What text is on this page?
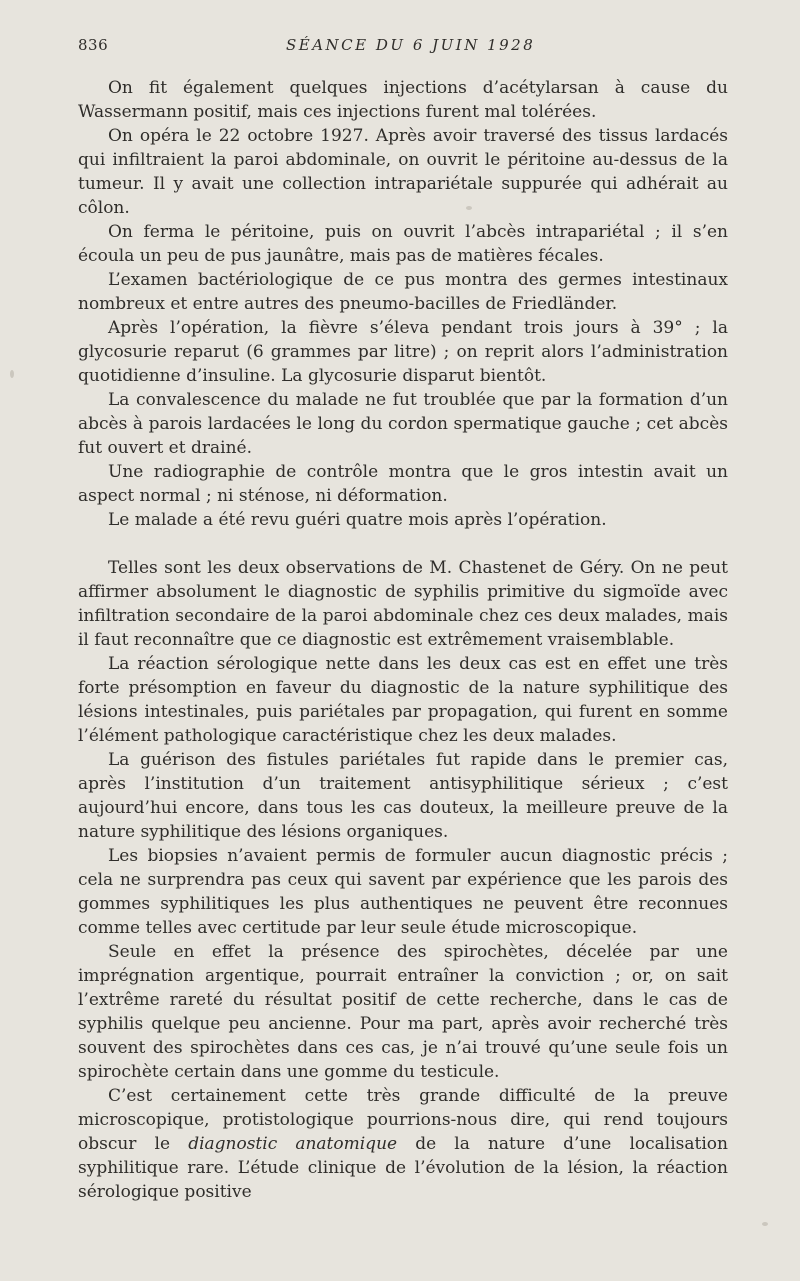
836	SÉANCE DU 6 JUIN 1928

On fit également quelques injections d’acétylarsan à cause du Wassermann positif, mais ces injections furent mal tolérées.

On opéra le 22 octobre 1927. Après avoir traversé des tissus lardacés qui infiltraient la paroi abdominale, on ouvrit le péritoine au-dessus de la tumeur. Il y avait une collection intrapariétale suppurée qui adhérait au côlon.

On ferma le péritoine, puis on ouvrit l’abcès intrapariétal ; il s’en écoula un peu de pus jaunâtre, mais pas de matières fécales.

L’examen bactériologique de ce pus montra des germes intestinaux nombreux et entre autres des pneumo-bacilles de Friedländer.

Après l’opération, la fièvre s’éleva pendant trois jours à 39° ; la glycosurie reparut (6 grammes par litre) ; on reprit alors l’administration quotidienne d’insuline. La glycosurie disparut bientôt.

La convalescence du malade ne fut troublée que par la formation d’un abcès à parois lardacées le long du cordon spermatique gauche ; cet abcès fut ouvert et drainé.

Une radiographie de contrôle montra que le gros intestin avait un aspect normal ; ni sténose, ni déformation.

Le malade a été revu guéri quatre mois après l’opération.

Telles sont les deux observations de M. Chastenet de Géry. On ne peut affirmer absolument le diagnostic de syphilis primitive du sigmoïde avec infiltration secondaire de la paroi abdominale chez ces deux malades, mais il faut reconnaître que ce diagnostic est extrêmement vraisemblable.

La réaction sérologique nette dans les deux cas est en effet une très forte présomption en faveur du diagnostic de la nature syphilitique des lésions intestinales, puis pariétales par propagation, qui furent en somme l’élément pathologique caractéristique chez les deux malades.

La guérison des fistules pariétales fut rapide dans le premier cas, après l’institution d’un traitement antisyphilitique sérieux ; c’est aujourd’hui encore, dans tous les cas douteux, la meilleure preuve de la nature syphilitique des lésions organiques.

Les biopsies n’avaient permis de formuler aucun diagnostic précis ; cela ne surprendra pas ceux qui savent par expérience que les parois des gommes syphilitiques les plus authentiques ne peuvent être reconnues comme telles avec certitude par leur seule étude microscopique.

Seule en effet la présence des spirochètes, décelée par une imprégnation argentique, pourrait entraîner la conviction ; or, on sait l’extrême rareté du résultat positif de cette recherche, dans le cas de syphilis quelque peu ancienne. Pour ma part, après avoir recherché très souvent des spirochètes dans ces cas, je n’ai trouvé qu’une seule fois un spirochète certain dans une gomme du testicule.

C’est certainement cette très grande difficulté de la preuve microscopique, protistologique pourrions-nous dire, qui rend toujours obscur le diagnostic anatomique de la nature d’une localisation syphilitique rare. L’étude clinique de l’évolution de la lésion, la réaction sérologique positive
